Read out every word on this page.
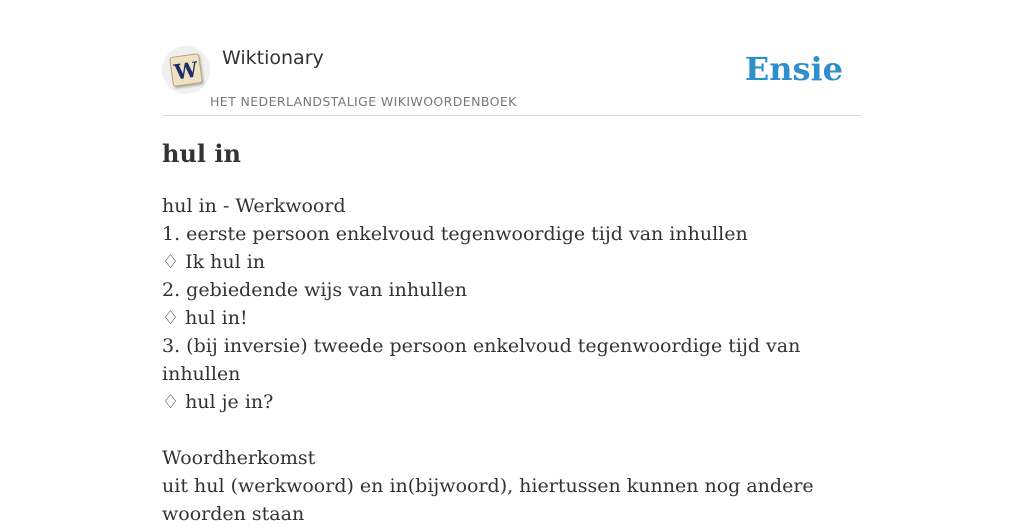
W Wiktionary
HET NEDERLANDSTALIGE WIKIWOORDENBOEK
Ensie
hul in
hul in - Werkwoord
1. eerste persoon enkelvoud tegenwoordige tijd van inhullen
♢ Ik hul in
2. gebiedende wijs van inhullen
♢ hul in!
3. (bij inversie) tweede persoon enkelvoud tegenwoordige tijd van inhullen
♢ hul je in?
Woordherkomst
uit hul (werkwoord) en in(bijwoord), hiertussen kunnen nog andere woorden staan
